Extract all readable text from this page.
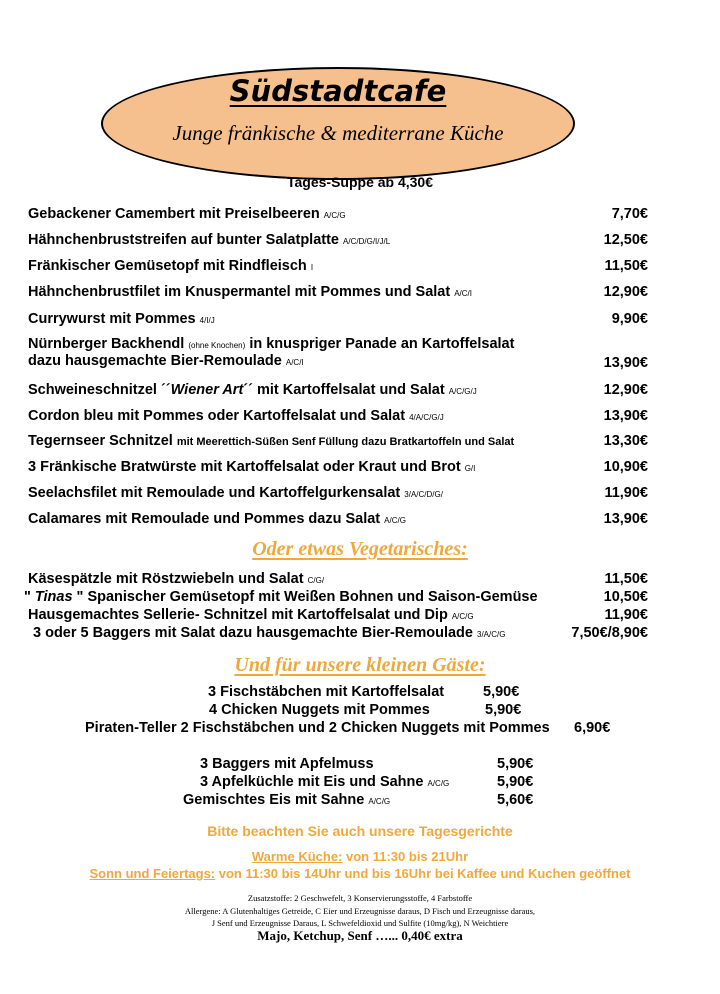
Südstadtcafe
Junge fränkische & mediterrane Küche
Tages-Suppe ab 4,30€
Gebackener Camembert mit Preiselbeeren A/C/G	7,70€
Hähnchenbruststreifen auf bunter Salatplatte A/C/D/G/I/J/L	12,50€
Fränkischer Gemüsetopf mit Rindfleisch I	11,50€
Hähnchenbrustfilet im Knuspermantel mit Pommes und Salat A/C/I	12,90€
Currywurst mit Pommes 4/I/J	9,90€
Nürnberger Backhendl (ohne Knochen) in knuspriger Panade an Kartoffelsalat
dazu hausgemachte Bier-Remoulade A/C/I	13,90€
Schweineschnitzel ´´Wiener Art´´ mit Kartoffelsalat und Salat A/C/G/J	12,90€
Cordon bleu mit Pommes oder Kartoffelsalat und Salat 4/A/C/G/J	13,90€
Tegernseer Schnitzel mit Meerettich-Süßen Senf Füllung dazu Bratkartoffeln und Salat	13,30€
3 Fränkische Bratwürste mit Kartoffelsalat oder Kraut und Brot G/I	10,90€
Seelachsfilet mit Remoulade und Kartoffelgurkensalat 3/A/C/D/G/	11,90€
Calamares mit Remoulade und Pommes dazu Salat A/C/G	13,90€
Oder etwas Vegetarisches:
Käsespätzle mit Röstzwiebeln und Salat C/G/	11,50€
" Tinas " Spanischer Gemüsetopf mit Weißen Bohnen und Saison-Gemüse	10,50€
Hausgemachtes Sellerie- Schnitzel mit Kartoffelsalat und Dip A/C/G	11,90€
3 oder 5 Baggers mit Salat dazu hausgemachte Bier-Remoulade 3/A/C/G	7,50€/8,90€
Und für unsere kleinen Gäste:
3 Fischstäbchen mit Kartoffelsalat	5,90€
4 Chicken Nuggets mit Pommes	5,90€
Piraten-Teller 2 Fischstäbchen und 2 Chicken Nuggets mit Pommes 6,90€
3 Baggers mit Apfelmuss	5,90€
3 Apfelküchle mit Eis und Sahne A/C/G	5,90€
Gemischtes Eis mit Sahne A/C/G	5,60€
Bitte beachten Sie auch unsere Tagesgerichte
Warme Küche: von 11:30 bis 21Uhr
Sonn und Feiertags: von 11:30 bis 14Uhr und bis 16Uhr bei Kaffee und Kuchen geöffnet
Zusatzstoffe: 2 Geschwefelt, 3 Konservierungsstoffe, 4 Farbstoffe
Allergene: A Glutenhaltiges Getreide, C Eier und Erzeugnisse daraus, D Fisch und Erzeugnisse daraus,
J Senf und Erzeugnisse Daraus, L Schwefeldioxid und Sulfite (10mg/kg), N Weichtiere
Majo, Ketchup, Senf …... 0,40€ extra
